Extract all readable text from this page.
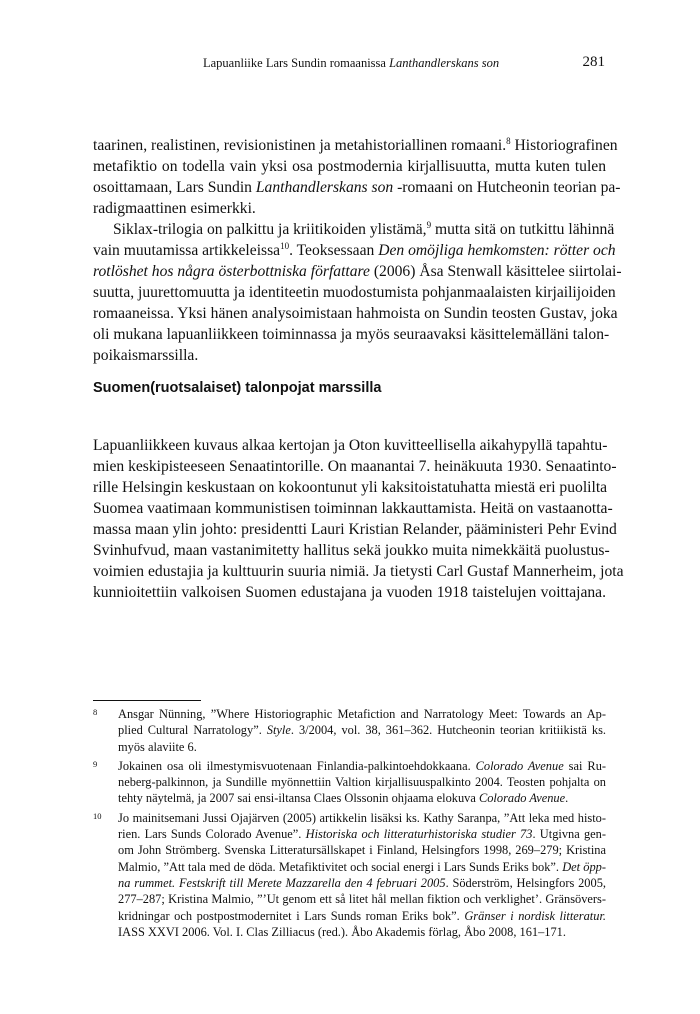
Lapuanliike Lars Sundin romaanissa Lanthandlerskans son	281

taarinen, realistinen, revisionistinen ja metahistoriallinen romaani.$^8$ Historiografinen
metafiktio on todella vain yksi osa postmodernia kirjallisuutta, mutta kuten tulen
osoittamaan, Lars Sundin Lanthandlerskans son -romaani on Hutcheonin teorian pa-
radigmaattinen esimerkki.

Siklax-trilogia on palkittu ja kriitikoiden ylistämä,$^9$ mutta sitä on tutkittu lähinnä
vain muutamissa artikkeleissa$^{10}$. Teoksessaan Den omöjliga hemkomsten: rötter och
rotlöshet hos några österbottniska författare (2006) Åsa Stenwall käsittelee siirtolai-
suutta, juurettomuutta ja identiteetin muodostumista pohjanmaalaisten kirjailijoiden
romaaneissa. Yksi hänen analysoimistaan hahmoista on Sundin teosten Gustav, joka
oli mukana lapuanliikkeen toiminnassa ja myös seuraavaksi käsittelemälläni talon-
poikaismarssilla.

Suomen(ruotsalaiset) talonpojat marssilla

Lapuanliikkeen kuvaus alkaa kertojan ja Oton kuvitteellisella aikahypyllä tapahtu-
mien keskipisteeseen Senaatintorille. On maanantai 7. heinäkuuta 1930. Senaatinto-
rille Helsingin keskustaan on kokoontunut yli kaksitoistatuhatta miestä eri puolilta
Suomea vaatimaan kommunistisen toiminnan lakkauttamista. Heitä on vastaanotta-
massa maan ylin johto: presidentti Lauri Kristian Relander, pääministeri Pehr Evind
Svinhufvud, maan vastanimitetty hallitus sekä joukko muita nimekkäitä puolustus-
voimien edustajia ja kulttuurin suuria nimiä. Ja tietysti Carl Gustaf Mannerheim, jota
kunnioitettiin valkoisen Suomen edustajana ja vuoden 1918 taistelujen voittajana.

8 Ansgar Nünning, ”Where Historiographic Metafiction and Narratology Meet: Towards an Ap-
plied Cultural Narratology”. Style. 3/2004, vol. 38, 361–362. Hutcheonin teorian kritiikistä ks.
myös alaviite 6.
9 Jokainen osa oli ilmestymisvuotenaan Finlandia-palkintoehdokkaana. Colorado Avenue sai Ru-
neberg-palkinnon, ja Sundille myönnettiin Valtion kirjallisuuspalkinto 2004. Teosten pohjalta on
tehty näytelmä, ja 2007 sai ensi-iltansa Claes Olssonin ohjaama elokuva Colorado Avenue.
10 Jo mainitsemani Jussi Ojajärven (2005) artikkelin lisäksi ks. Kathy Saranpa, ”Att leka med histo-
rien. Lars Sunds Colorado Avenue”. Historiska och litteraturhistoriska studier 73. Utgivna gen-
om John Strömberg. Svenska Litteratursällskapet i Finland, Helsingfors 1998, 269–279; Kristina
Malmio, ”Att tala med de döda. Metafiktivitet och social energi i Lars Sunds Eriks bok”. Det öpp-
na rummet. Festskrift till Merete Mazzarella den 4 februari 2005. Söderström, Helsingfors 2005,
277–287; Kristina Malmio, ”’Ut genom ett så litet hål mellan fiktion och verklighet’. Gränsövers-
kridningar och postpostmodernitet i Lars Sunds roman Eriks bok”. Gränser i nordisk litteratur.
IASS XXVI 2006. Vol. I. Clas Zilliacus (red.). Åbo Akademis förlag, Åbo 2008, 161–171.
